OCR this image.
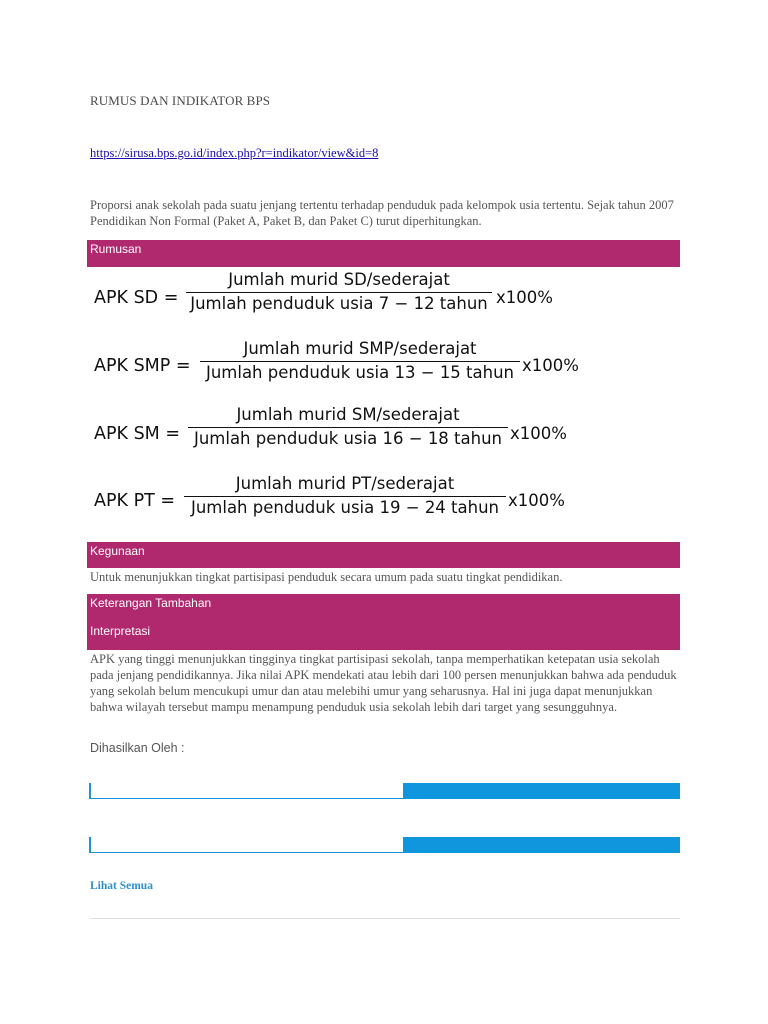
RUMUS DAN INDIKATOR BPS
https://sirusa.bps.go.id/index.php?r=indikator/view&id=8
Proporsi anak sekolah pada suatu jenjang tertentu terhadap penduduk pada kelompok usia tertentu. Sejak tahun 2007 Pendidikan Non Formal (Paket A, Paket B, dan Paket C) turut diperhitungkan.
Rumusan
APK SD =
Jumlah murid SD/sederajat
Jumlah penduduk usia 7 − 12 tahun x100%
APK SMP =
Jumlah murid SMP/sederajat
Jumlah penduduk usia 13 − 15 tahun x100%
APK SM =
Jumlah murid SM/sederajat
Jumlah penduduk usia 16 − 18 tahun x100%
APK PT =
Jumlah murid PT/sederajat
Jumlah penduduk usia 19 − 24 tahun x100%
Kegunaan
Untuk menunjukkan tingkat partisipasi penduduk secara umum pada suatu tingkat pendidikan.
Keterangan Tambahan
Interpretasi
APK yang tinggi menunjukkan tingginya tingkat partisipasi sekolah, tanpa memperhatikan ketepatan usia sekolah pada jenjang pendidikannya. Jika nilai APK mendekati atau lebih dari 100 persen menunjukkan bahwa ada penduduk yang sekolah belum mencukupi umur dan atau melebihi umur yang seharusnya. Hal ini juga dapat menunjukkan bahwa wilayah tersebut mampu menampung penduduk usia sekolah lebih dari target yang sesungguhnya.
Dihasilkan Oleh :
Lihat Semua
